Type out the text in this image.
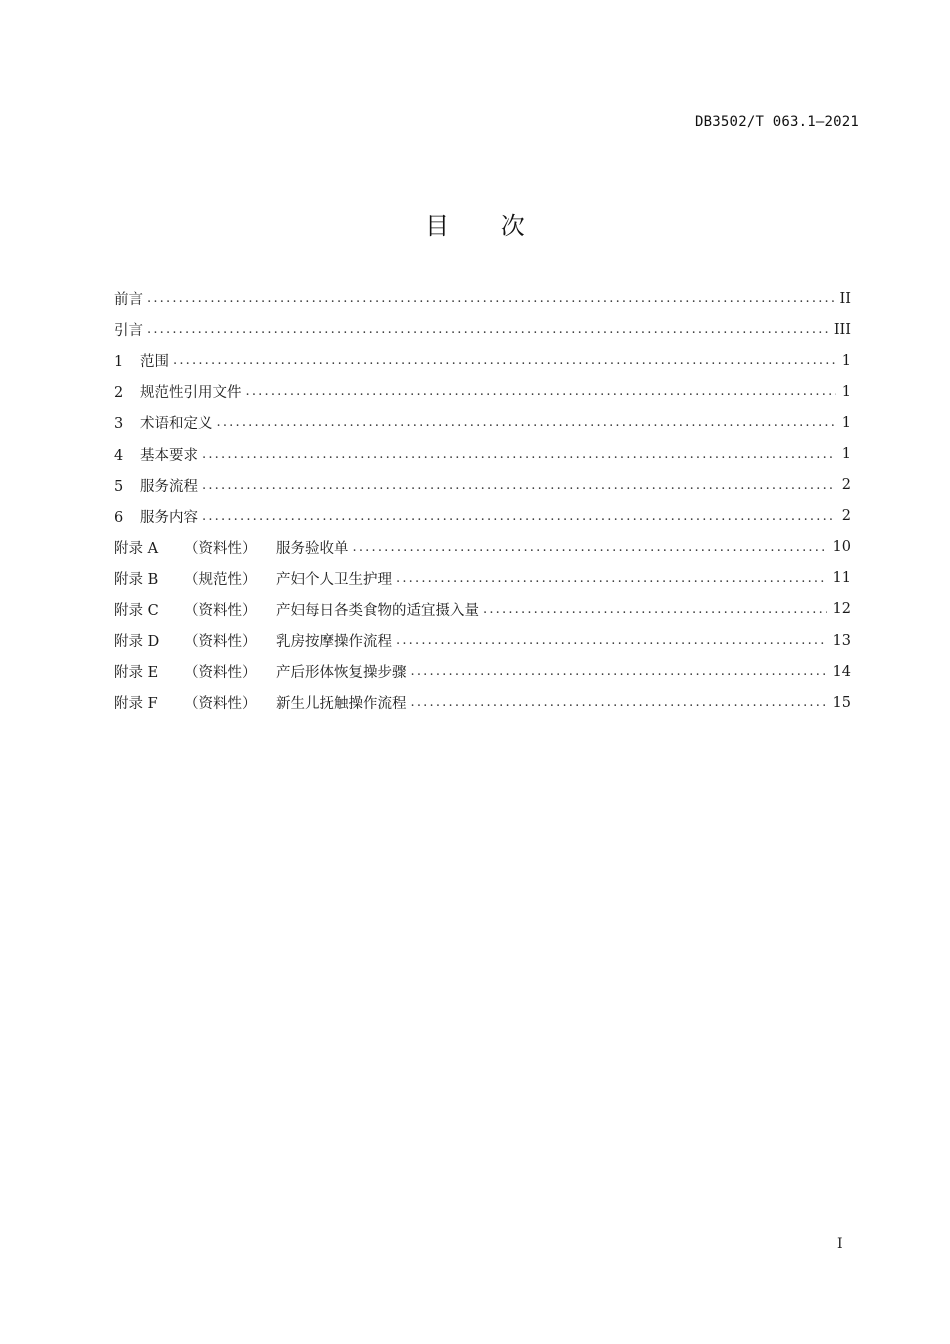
DB3502/T 063.1—2021
目 次
前言 .....	II
引言 .....	III
1 范围 .....	1
2 规范性引用文件 .....	1
3 术语和定义 .....	1
4 基本要求 .....	1
5 服务流程 .....	2
6 服务内容 .....	2
附录 A （资料性） 服务验收单 .....	10
附录 B （规范性） 产妇个人卫生护理 .....	11
附录 C （资料性） 产妇每日各类食物的适宜摄入量 .....	12
附录 D （资料性） 乳房按摩操作流程 .....	13
附录 E （资料性） 产后形体恢复操步骤 .....	14
附录 F （资料性） 新生儿抚触操作流程 .....	15
I
